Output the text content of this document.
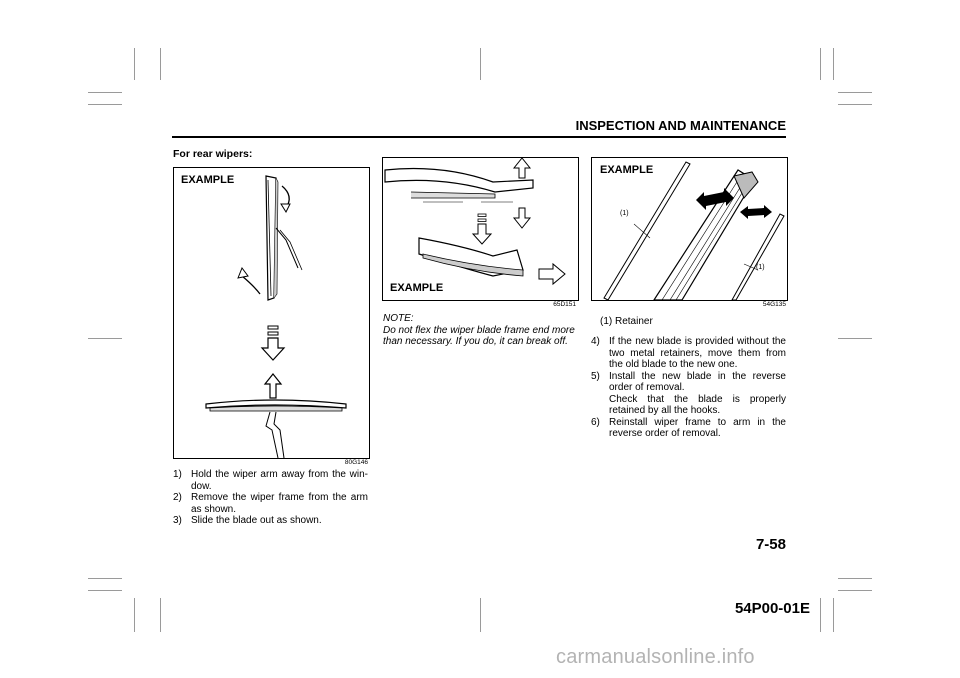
INSPECTION AND MAINTENANCE
For rear wipers:
EXAMPLE
80G146
1) Hold the wiper arm away from the win-dow.
2) Remove the wiper frame from the arm as shown.
3) Slide the blade out as shown.
EXAMPLE
65D151
NOTE:
Do not flex the wiper blade frame end more than necessary. If you do, it can break off.
EXAMPLE
(1)
(1)
54G135
(1) Retainer
4) If the new blade is provided without the two metal retainers, move them from the old blade to the new one.
5) Install the new blade in the reverse order of removal.
Check that the blade is properly retained by all the hooks.
6) Reinstall wiper frame to arm in the reverse order of removal.
7-58
54P00-01E
carmanualsonline.info
